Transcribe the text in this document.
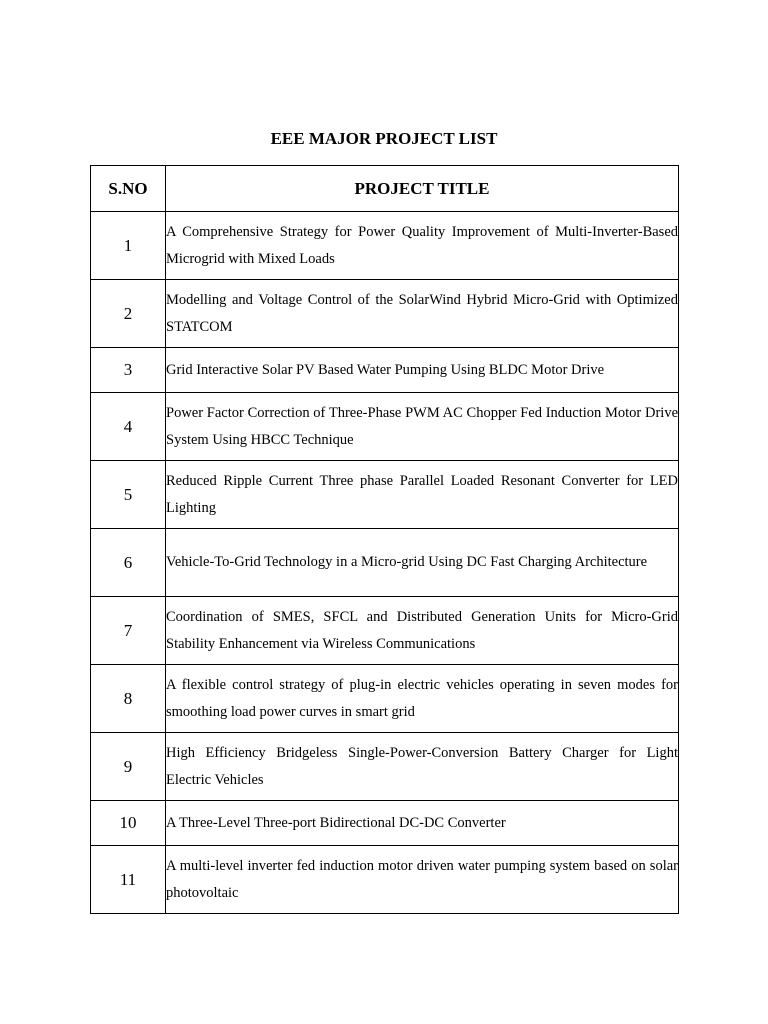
EEE MAJOR PROJECT LIST
S.NO	PROJECT TITLE
1	A Comprehensive Strategy for Power Quality Improvement of Multi-Inverter-Based Microgrid with Mixed Loads
2	Modelling and Voltage Control of the SolarWind Hybrid Micro-Grid with Optimized STATCOM
3	Grid Interactive Solar PV Based Water Pumping Using BLDC Motor Drive
4	Power Factor Correction of Three-Phase PWM AC Chopper Fed Induction Motor Drive System Using HBCC Technique
5	Reduced Ripple Current Three phase Parallel Loaded Resonant Converter for LED Lighting
6	Vehicle-To-Grid Technology in a Micro-grid Using DC Fast Charging Architecture
7	Coordination of SMES, SFCL and Distributed Generation Units for Micro-Grid Stability Enhancement via Wireless Communications
8	A flexible control strategy of plug-in electric vehicles operating in seven modes for smoothing load power curves in smart grid
9	High Efficiency Bridgeless Single-Power-Conversion Battery Charger for Light Electric Vehicles
10	A Three-Level Three-port Bidirectional DC-DC Converter
11	A multi-level inverter fed induction motor driven water pumping system based on solar photovoltaic
